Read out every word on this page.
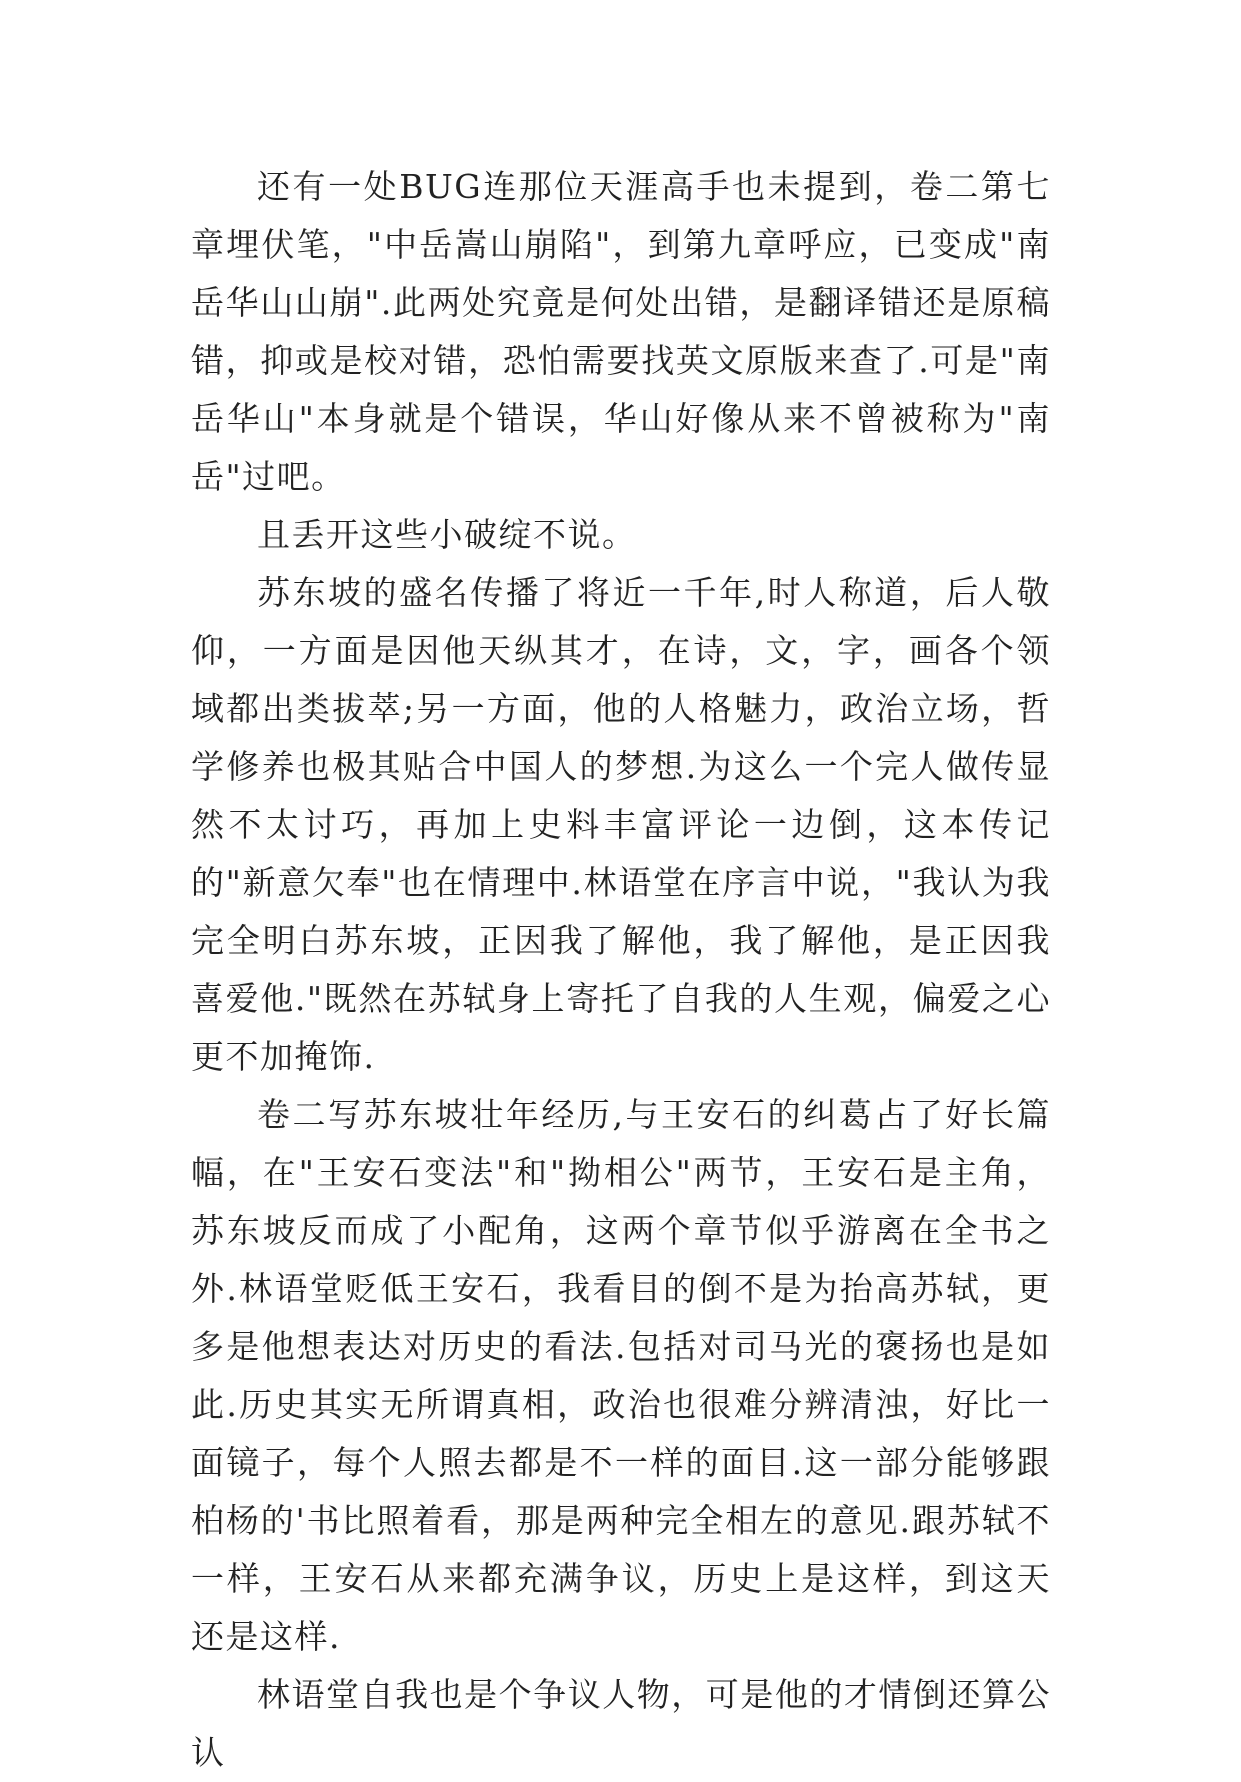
还有一处BUG连那位天涯高手也未提到，卷二第七章埋伏笔，"中岳嵩山崩陷"，到第九章呼应，已变成"南岳华山山崩".此两处究竟是何处出错，是翻译错还是原稿错，抑或是校对错，恐怕需要找英文原版来查了.可是"南岳华山"本身就是个错误，华山好像从来不曾被称为"南岳"过吧。

且丢开这些小破绽不说。

苏东坡的盛名传播了将近一千年,时人称道，后人敬仰，一方面是因他天纵其才，在诗，文，字，画各个领域都出类拔萃;另一方面，他的人格魅力，政治立场，哲学修养也极其贴合中国人的梦想.为这么一个完人做传显然不太讨巧，再加上史料丰富评论一边倒，这本传记的"新意欠奉"也在情理中.林语堂在序言中说，"我认为我完全明白苏东坡，正因我了解他，我了解他，是正因我喜爱他."既然在苏轼身上寄托了自我的人生观，偏爱之心更不加掩饰.

卷二写苏东坡壮年经历,与王安石的纠葛占了好长篇幅，在"王安石变法"和"拗相公"两节，王安石是主角，苏东坡反而成了小配角，这两个章节似乎游离在全书之外.林语堂贬低王安石，我看目的倒不是为抬高苏轼，更多是他想表达对历史的看法.包括对司马光的褒扬也是如此.历史其实无所谓真相，政治也很难分辨清浊，好比一面镜子，每个人照去都是不一样的面目.这一部分能够跟柏杨的'书比照着看，那是两种完全相左的意见.跟苏轼不一样，王安石从来都充满争议，历史上是这样，到这天还是这样.

林语堂自我也是个争议人物，可是他的才情倒还算公认
